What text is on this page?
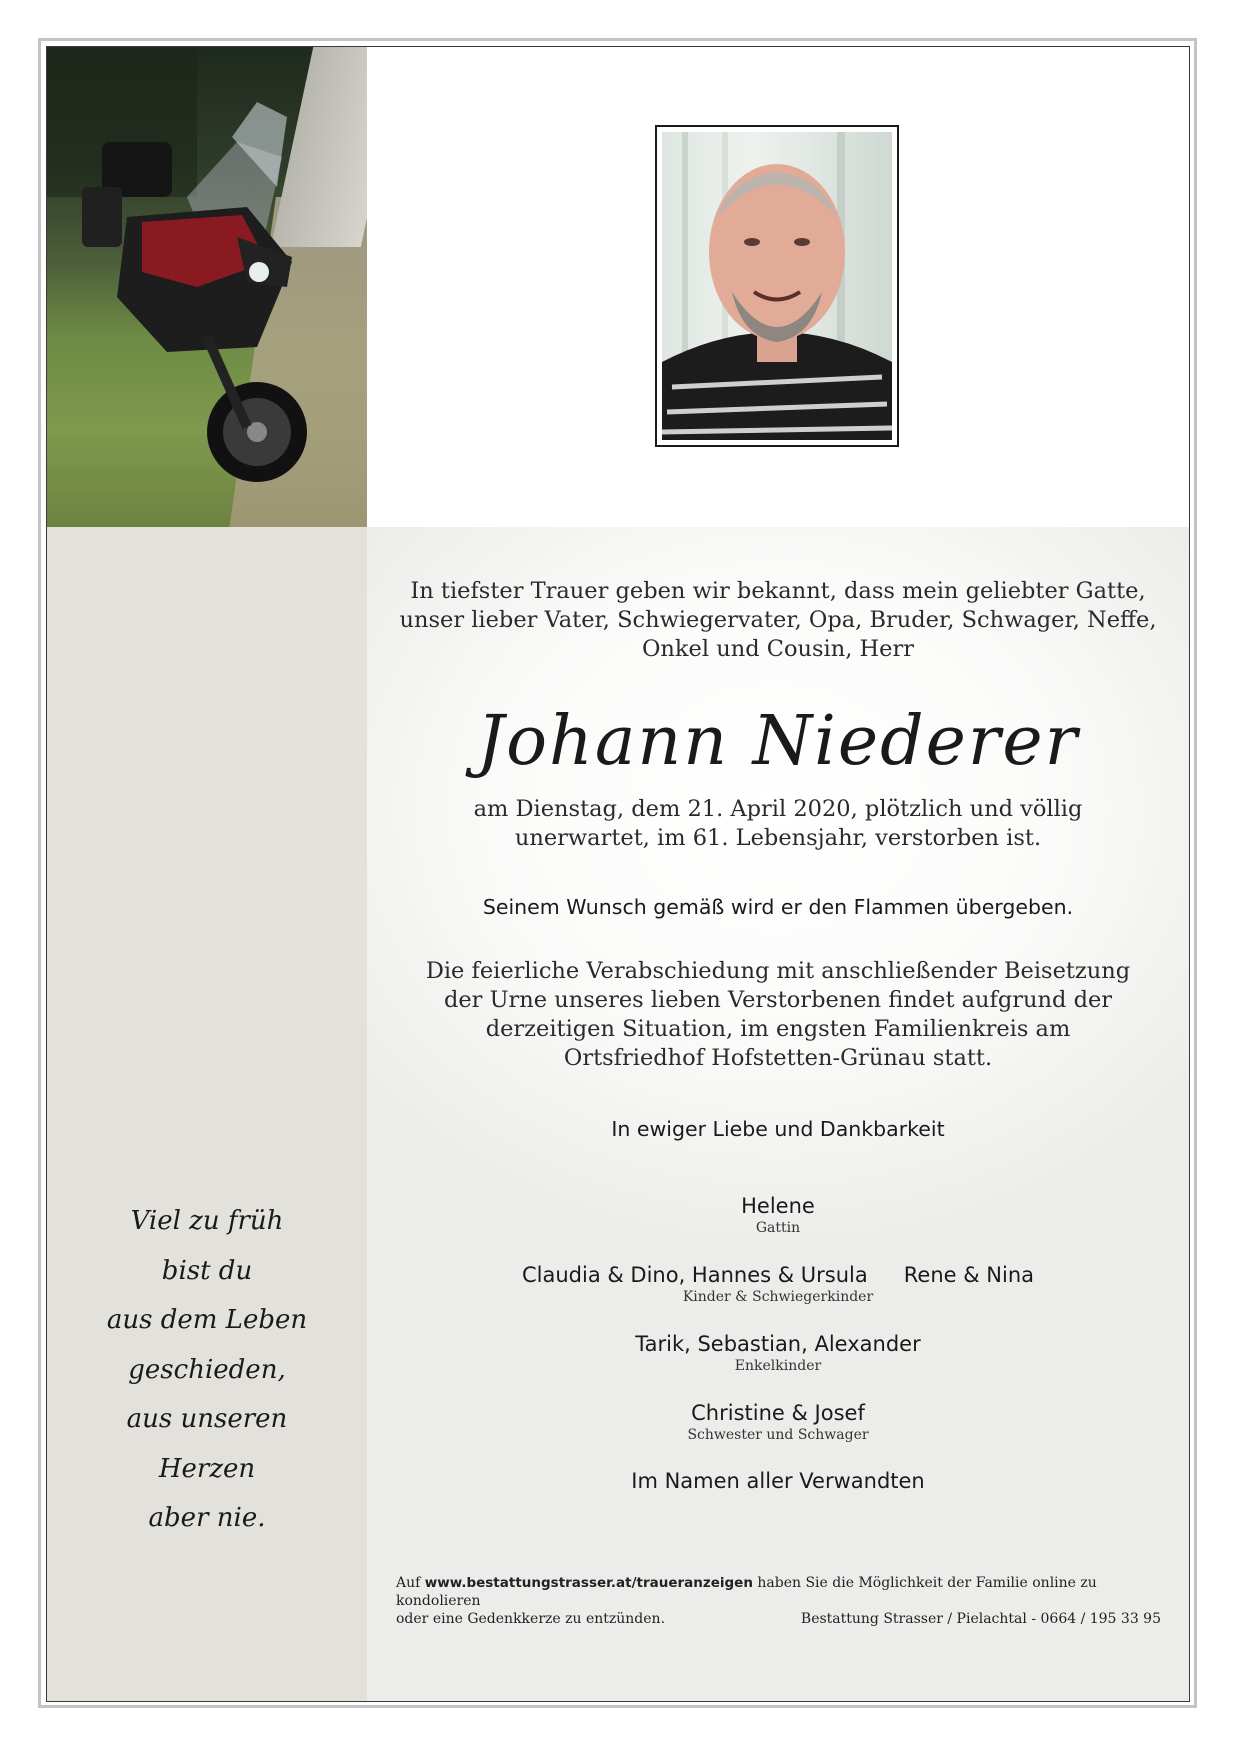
Viel zu früh
bist du
aus dem Leben
geschieden,
aus unseren
Herzen
aber nie.
In tiefster Trauer geben wir bekannt, dass mein geliebter Gatte,
unser lieber Vater, Schwiegervater, Opa, Bruder, Schwager, Neffe,
Onkel und Cousin, Herr
Johann Niederer
am Dienstag, dem 21. April 2020, plötzlich und völlig
unerwartet, im 61. Lebensjahr, verstorben ist.
Seinem Wunsch gemäß wird er den Flammen übergeben.
Die feierliche Verabschiedung mit anschließender Beisetzung
der Urne unseres lieben Verstorbenen findet aufgrund der
derzeitigen Situation, im engsten Familienkreis am
Ortsfriedhof Hofstetten-Grünau statt.
In ewiger Liebe und Dankbarkeit
Helene
Gattin
Claudia & Dino, Hannes & Ursula Rene & Nina
Kinder & Schwiegerkinder
Tarik, Sebastian, Alexander
Enkelkinder
Christine & Josef
Schwester und Schwager
Im Namen aller Verwandten
Auf www.bestattungstrasser.at/traueranzeigen haben Sie die Möglichkeit der Familie online zu kondolieren
oder eine Gedenkkerze zu entzünden.	Bestattung Strasser / Pielachtal - 0664 / 195 33 95
